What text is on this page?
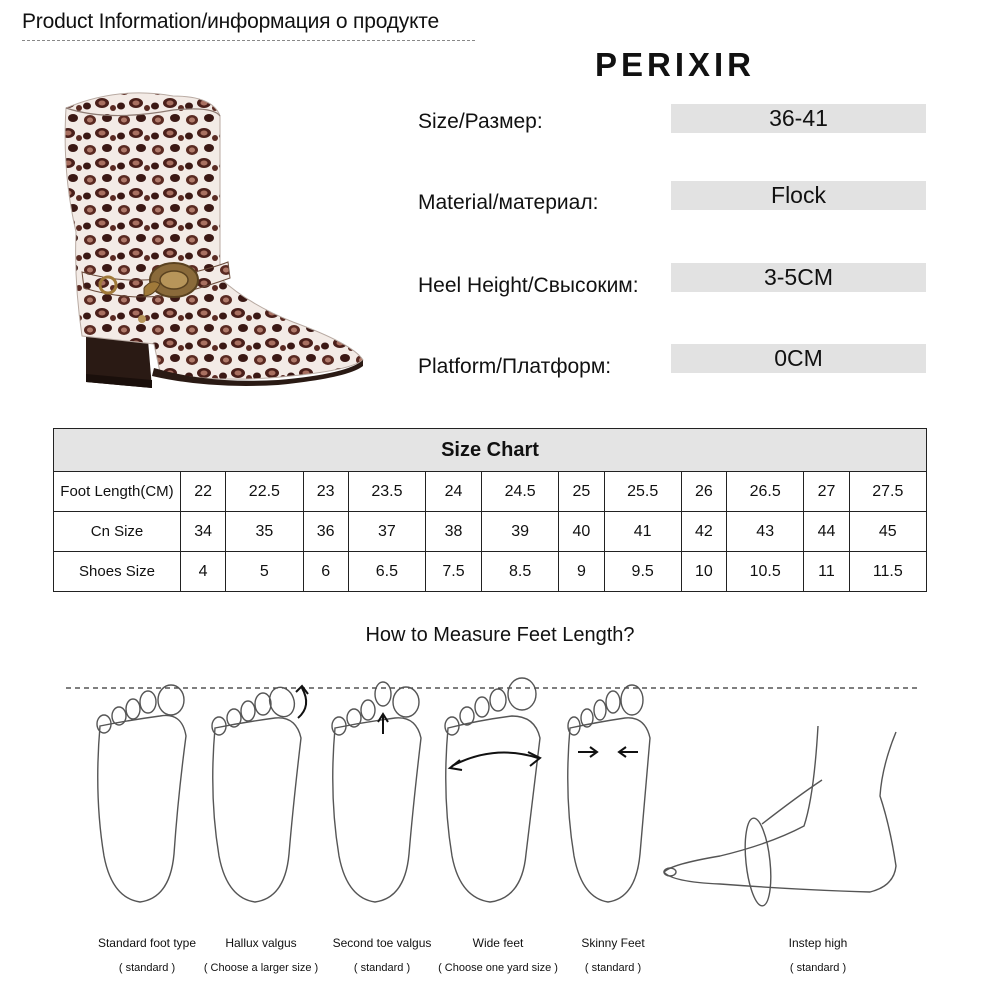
Product Information/информация о продукте
PERIXIR
Size/Размер:	36-41
Material/материал:	Flock
Heel Height/Свысоким:	3-5CM
Platform/Платформ:	0CM
Size Chart												
Foot Length(CM)	22	22.5	23	23.5	24	24.5	25	25.5	26	26.5	27	27.5
Cn Size	34	35	36	37	38	39	40	41	42	43	44	45
Shoes Size	4	5	6	6.5	7.5	8.5	9	9.5	10	10.5	11	11.5
How to Measure Feet Length?
Standard foot type
( standard )
Hallux valgus
( Choose a larger size )
Second toe valgus
( standard )
Wide feet
( Choose one yard size )
Skinny Feet
( standard )
Instep high
( standard )
